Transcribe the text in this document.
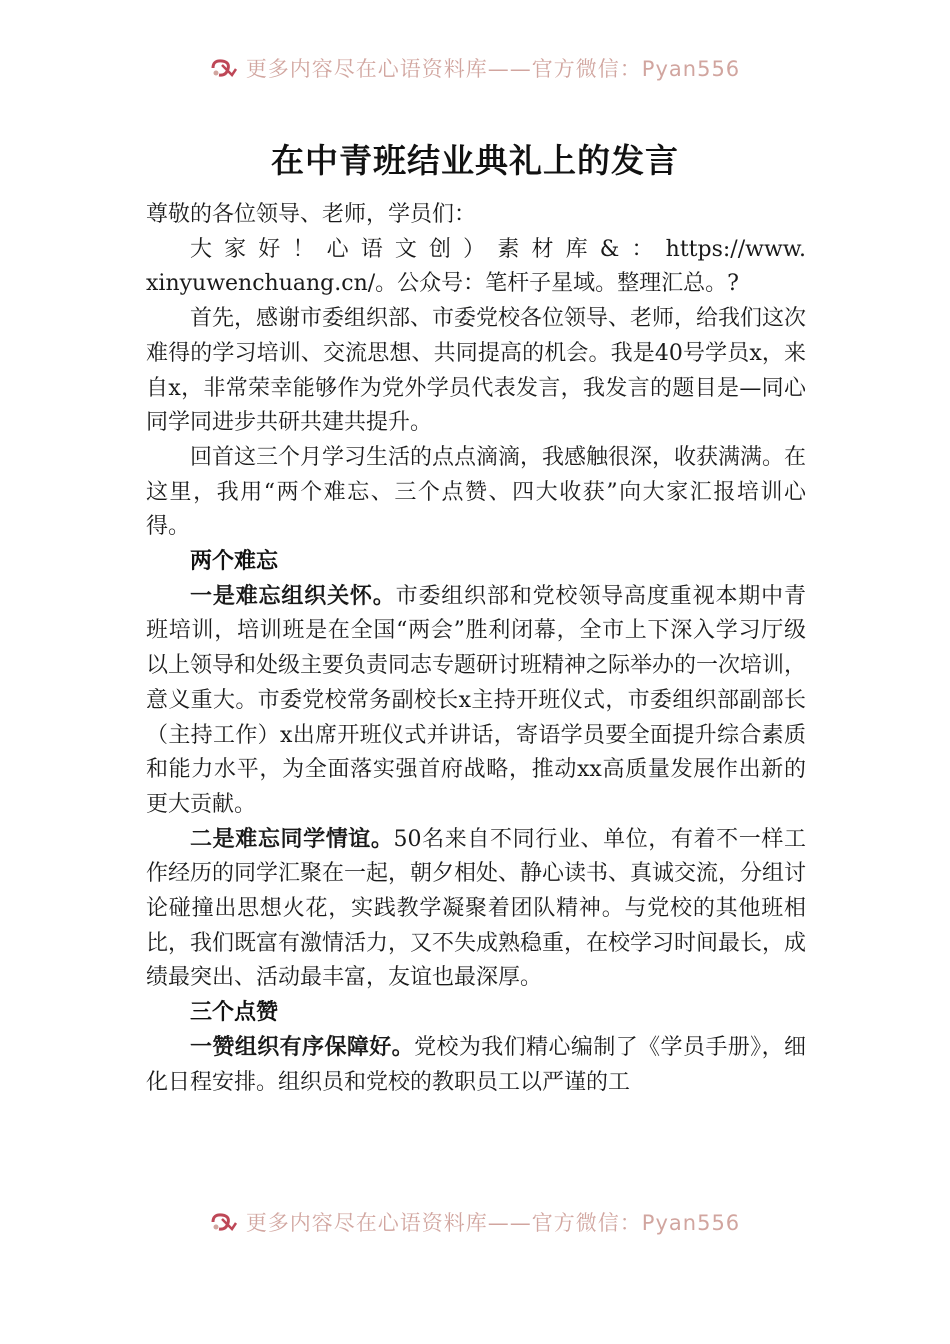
更多内容尽在心语资料库——官方微信：Pyan556
在中青班结业典礼上的发言

尊敬的各位领导、老师，学员们：

大家好！心语文创）素材库&：https://www.xinyuwenchuang.cn/。公众号：笔杆子星域。整理汇总。?

首先，感谢市委组织部、市委党校各位领导、老师，给我们这次难得的学习培训、交流思想、共同提高的机会。我是40号学员x，来自x，非常荣幸能够作为党外学员代表发言，我发言的题目是—同心同学同进步共研共建共提升。

回首这三个月学习生活的点点滴滴，我感触很深，收获满满。在这里，我用“两个难忘、三个点赞、四大收获”向大家汇报培训心得。

两个难忘

一是难忘组织关怀。市委组织部和党校领导高度重视本期中青班培训，培训班是在全国“两会”胜利闭幕，全市上下深入学习厅级以上领导和处级主要负责同志专题研讨班精神之际举办的一次培训，意义重大。市委党校常务副校长x主持开班仪式，市委组织部副部长（主持工作）x出席开班仪式并讲话，寄语学员要全面提升综合素质和能力水平，为全面落实强首府战略，推动xx高质量发展作出新的更大贡献。

二是难忘同学情谊。50名来自不同行业、单位，有着不一样工作经历的同学汇聚在一起，朝夕相处、静心读书、真诚交流，分组讨论碰撞出思想火花，实践教学凝聚着团队精神。与党校的其他班相比，我们既富有激情活力，又不失成熟稳重，在校学习时间最长，成绩最突出、活动最丰富，友谊也最深厚。

三个点赞

一赞组织有序保障好。党校为我们精心编制了《学员手册》，细化日程安排。组织员和党校的教职员工以严谨的工

更多内容尽在心语资料库——官方微信：Pyan556
